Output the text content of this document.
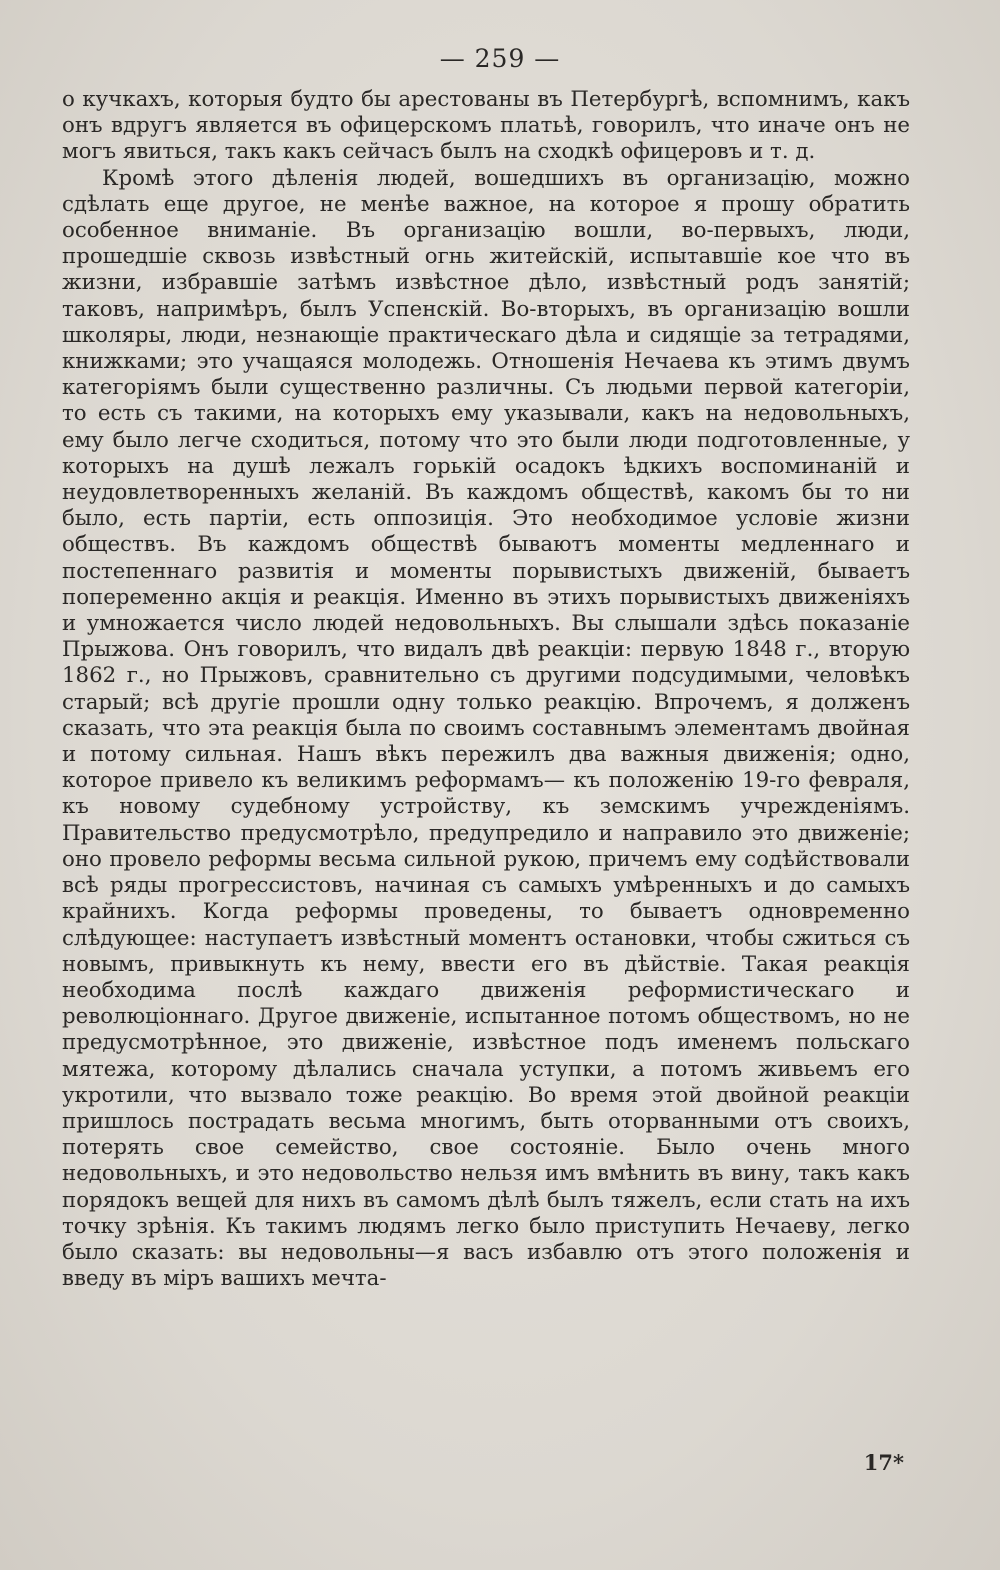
— 259 —

о кучкахъ, которыя будто бы арестованы въ Петербургѣ, вспомнимъ, какъ онъ вдругъ является въ офицерскомъ платьѣ, говорилъ, что иначе онъ не могъ явиться, такъ какъ сейчасъ былъ на сходкѣ офицеровъ и т. д.

Кромѣ этого дѣленія людей, вошедшихъ въ организацію, можно сдѣлать еще другое, не менѣе важное, на которое я прошу обратить особенное вниманіе. Въ организацію вошли, во-первыхъ, люди, прошедшіе сквозь извѣстный огнь житейскій, испытавшіе кое что въ жизни, избравшіе затѣмъ извѣстное дѣло, извѣстный родъ занятій; таковъ, напримѣръ, былъ Успенскій. Во-вторыхъ, въ организацію вошли школяры, люди, незнающіе практическаго дѣла и сидящіе за тетрадями, книжками; это учащаяся молодежь. Отношенія Нечаева къ этимъ двумъ категоріямъ были существенно различны. Съ людьми первой категоріи, то есть съ такими, на которыхъ ему указывали, какъ на недовольныхъ, ему было легче сходиться, потому что это были люди подготовленные, у которыхъ на душѣ лежалъ горькій осадокъ ѣдкихъ воспоминаній и неудовлетворенныхъ желаній. Въ каждомъ обществѣ, какомъ бы то ни было, есть партіи, есть оппозиція. Это необходимое условіе жизни обществъ. Въ каждомъ обществѣ бываютъ моменты медленнаго и постепеннаго развитія и моменты порывистыхъ движеній, бываетъ попеременно акція и реакція. Именно въ этихъ порывистыхъ движеніяхъ и умножается число людей недовольныхъ. Вы слышали здѣсь показаніе Прыжова. Онъ говорилъ, что видалъ двѣ реакціи: первую 1848 г., вторую 1862 г., но Прыжовъ, сравнительно съ другими подсудимыми, человѣкъ старый; всѣ другіе прошли одну только реакцію. Впрочемъ, я долженъ сказать, что эта реакція была по своимъ составнымъ элементамъ двойная и потому сильная. Нашъ вѣкъ пережилъ два важныя движенія; одно, которое привело къ великимъ реформамъ— къ положенію 19-го февраля, къ новому судебному устройству, къ земскимъ учрежденіямъ. Правительство предусмотрѣло, предупредило и направило это движеніе; оно провело реформы весьма сильной рукою, причемъ ему содѣйствовали всѣ ряды прогрессистовъ, начиная съ самыхъ умѣренныхъ и до самыхъ крайнихъ. Когда реформы проведены, то бываетъ одновременно слѣдующее: наступаетъ извѣстный моментъ остановки, чтобы сжиться съ новымъ, привыкнуть къ нему, ввести его въ дѣйствіе. Такая реакція необходима послѣ каждаго движенія реформистическаго и революціоннаго. Другое движеніе, испытанное потомъ обществомъ, но не предусмотрѣнное, это движеніе, извѣстное подъ именемъ польскаго мятежа, которому дѣлались сначала уступки, а потомъ живьемъ его укротили, что вызвало тоже реакцію. Во время этой двойной реакціи пришлось пострадать весьма многимъ, быть оторванными отъ своихъ, потерять свое семейство, свое состояніе. Было очень много недовольныхъ, и это недовольство нельзя имъ вмѣнить въ вину, такъ какъ порядокъ вещей для нихъ въ самомъ дѣлѣ былъ тяжелъ, если стать на ихъ точку зрѣнія. Къ такимъ людямъ легко было приступить Нечаеву, легко было сказать: вы недовольны—я васъ избавлю отъ этого положенія и введу въ міръ вашихъ мечта-

17*
